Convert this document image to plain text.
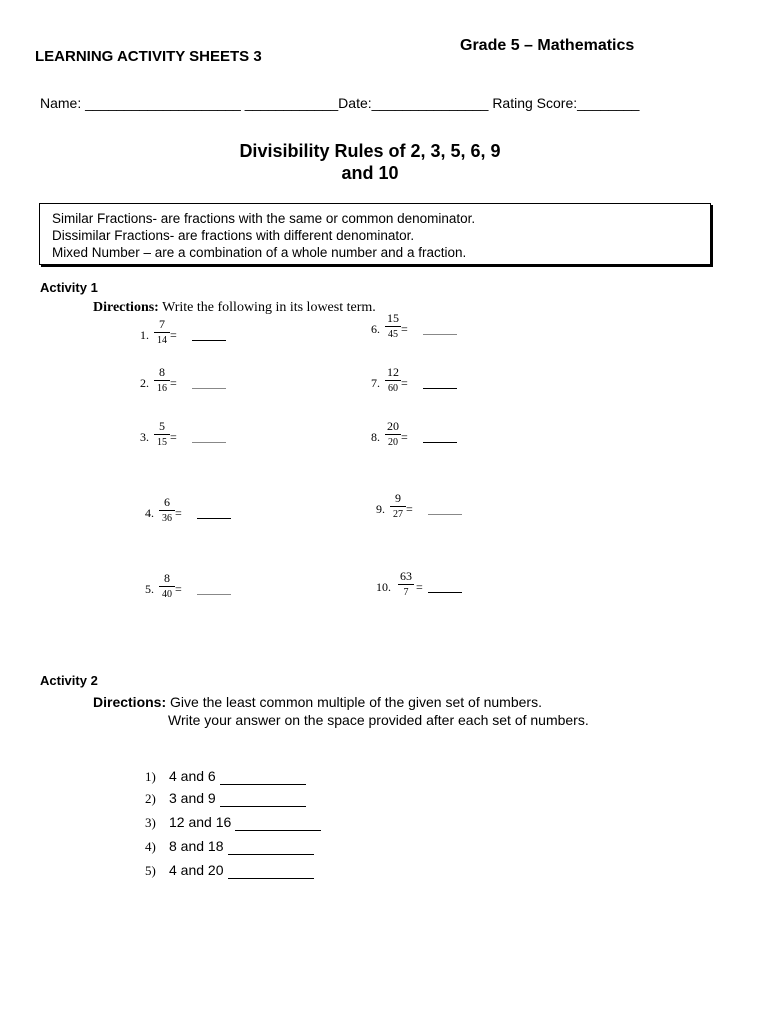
LEARNING ACTIVITY SHEETS 3
Grade 5 – Mathematics
Name: ____________________ ____________Date:_______________ Rating Score:________
Divisibility Rules of 2, 3, 5, 6, 9
and 10
Similar Fractions- are fractions with the same or common denominator.
Dissimilar Fractions- are fractions with different denominator.
Mixed Number – are a combination of a whole number and a fraction.
Activity 1
Directions: Write the following in its lowest term.
1.
7
14 =
2.
8
16 =
3.
5
15 =
4.
6
36 =
5.
8
40 =
6.
15
45 =
7.
12
60 =
8.
20
20 =
9.
9
27 =
10.
63
7 =
Activity 2
Directions: Give the least common multiple of the given set of numbers.
Write your answer on the space provided after each set of numbers.
1) 4 and 6
2) 3 and 9
3) 12 and 16
4) 8 and 18
5) 4 and 20
